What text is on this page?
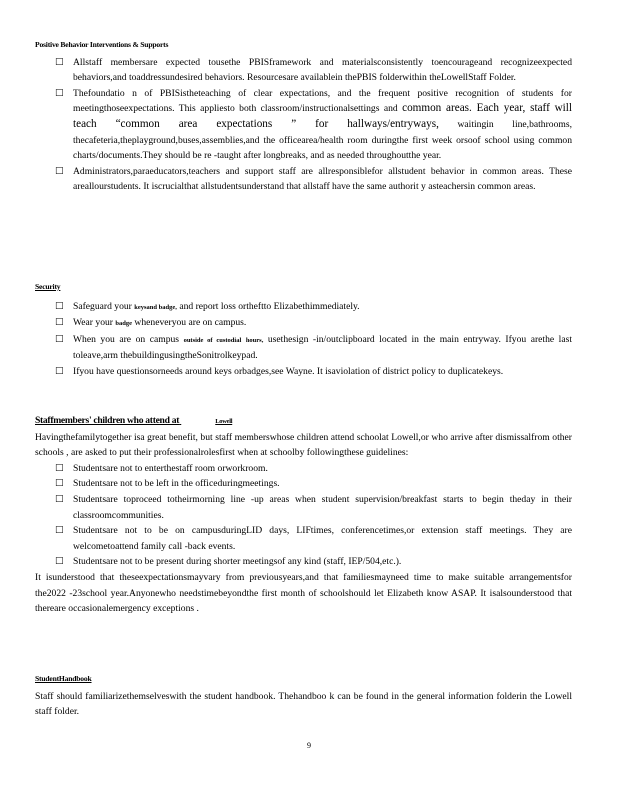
Positive Behavior Interventions & Supports
□ Allstaff membersare expected tousethe PBISframework and materialsconsistently toencourageand recognizeexpected behaviors,and toaddressundesired behaviors. Resourcesare availablein thePBIS folderwithin theLowellStaff Folder.
□ Thefoundatio n of PBISistheteaching of clear expectations, and the frequent positive recognition of students for meetingthoseexpectations. This appliesto both classroom/instructionalsettings and common areas. Each year, staff will teach “common area expectations ” for hallways/entryways, waitingin line,bathrooms, thecafeteria,theplayground,buses,assemblies,and the officearea/health room duringthe first week orsoof school using common charts/documents.They should be re -taught after longbreaks, and as needed throughoutthe year.
□ Administrators,paraeducators,teachers and support staff are allresponsiblefor allstudent behavior in common areas. These areallourstudents. It iscrucialthat allstudentsunderstand that allstaff have the same authorit y asteachersin common areas.
Security
□ Safeguard your keysand badge, and report loss ortheftto Elizabethimmediately.
□ Wear your badge wheneveryou are on campus.
□ When you are on campus outside of custodial hours, usethesign -in/outclipboard located in the main entryway. Ifyou arethe last toleave,arm thebuildingusingtheSonitrolkeypad.
□ Ifyou have questionsorneeds around keys orbadges,see Wayne. It isaviolation of district policy to duplicatekeys.
Staffmembers' children who attend at	Lowell
Havingthefamilytogether isa great benefit, but staff memberswhose children attend schoolat Lowell,or who arrive after dismissalfrom other schools , are asked to put their professionalrolesfirst when at schoolby followingthese guidelines:
□ Studentsare not to enterthestaff room orworkroom.
□ Studentsare not to be left in the officeduringmeetings.
□ Studentsare toproceed totheirmorning line -up areas when student supervision/breakfast starts to begin theday in their classroomcommunities.
□ Studentsare not to be on campusduringLID days, LIFtimes, conferencetimes,or extension staff meetings. They are welcometoattend family call -back events.
□ Studentsare not to be present during shorter meetingsof any kind (staff, IEP/504,etc.).
It isunderstood that theseexpectationsmayvary from previousyears,and that familiesmayneed time to make suitable arrangementsfor the2022 -23school year.Anyonewho needstimebeyondthe first month of schoolshould let Elizabeth know ASAP. It isalsounderstood that thereare occasionalemergency exceptions .
StudentHandbook
Staff should familiarizethemselveswith the student handbook. Thehandboo k can be found in the general information folderin the Lowell staff folder.
9
